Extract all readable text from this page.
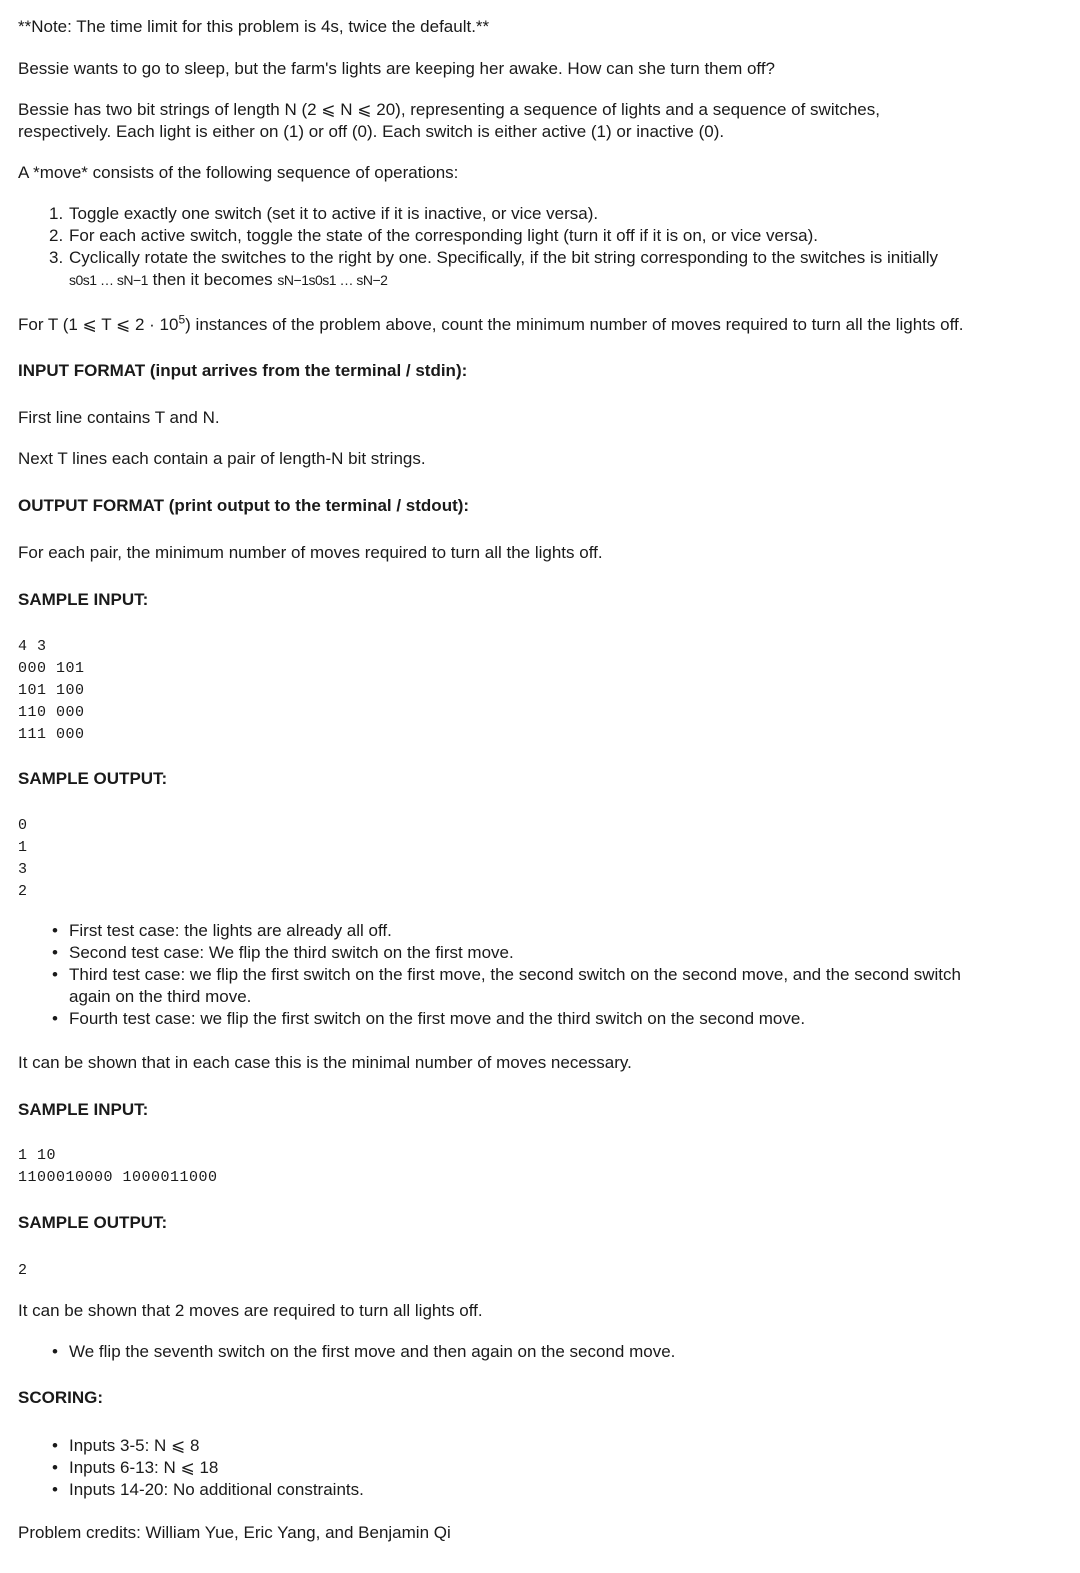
**Note: The time limit for this problem is 4s, twice the default.**

Bessie wants to go to sleep, but the farm's lights are keeping her awake. How can she turn them off?

Bessie has two bit strings of length N (2 ⩽ N ⩽ 20), representing a sequence of lights and a sequence of switches,

respectively. Each light is either on (1) or off (0). Each switch is either active (1) or inactive (0).

A *move* consists of the following sequence of operations:

1. Toggle exactly one switch (set it to active if it is inactive, or vice versa).
2. For each active switch, toggle the state of the corresponding light (turn it off if it is on, or vice versa).
3. Cyclically rotate the switches to the right by one. Specifically, if the bit string corresponding to the switches is initially
s0s1 … sN−1 then it becomes sN−1s0s1 … sN−2

For T (1 ⩽ T ⩽ $2 \cdot 10^5$) instances of the problem above, count the minimum number of moves required to turn all the lights off.

INPUT FORMAT (input arrives from the terminal / stdin):

First line contains T and N.

Next T lines each contain a pair of length-N bit strings.

OUTPUT FORMAT (print output to the terminal / stdout):

For each pair, the minimum number of moves required to turn all the lights off.

SAMPLE INPUT:

4 3
000 101
101 100
110 000
111 000

SAMPLE OUTPUT:

0
1
3
2
• First test case: the lights are already all off.
• Second test case: We flip the third switch on the first move.
• Third test case: we flip the first switch on the first move, the second switch on the second move, and the second switch
again on the third move.
• Fourth test case: we flip the first switch on the first move and the third switch on the second move.

It can be shown that in each case this is the minimal number of moves necessary.

SAMPLE INPUT:

1 10
1100010000 1000011000

SAMPLE OUTPUT:

2

It can be shown that 2 moves are required to turn all lights off.

• We flip the seventh switch on the first move and then again on the second move.

SCORING:

• Inputs 3-5: N ⩽ 8
• Inputs 6-13: N ⩽ 18
• Inputs 14-20: No additional constraints.

Problem credits: William Yue, Eric Yang, and Benjamin Qi
